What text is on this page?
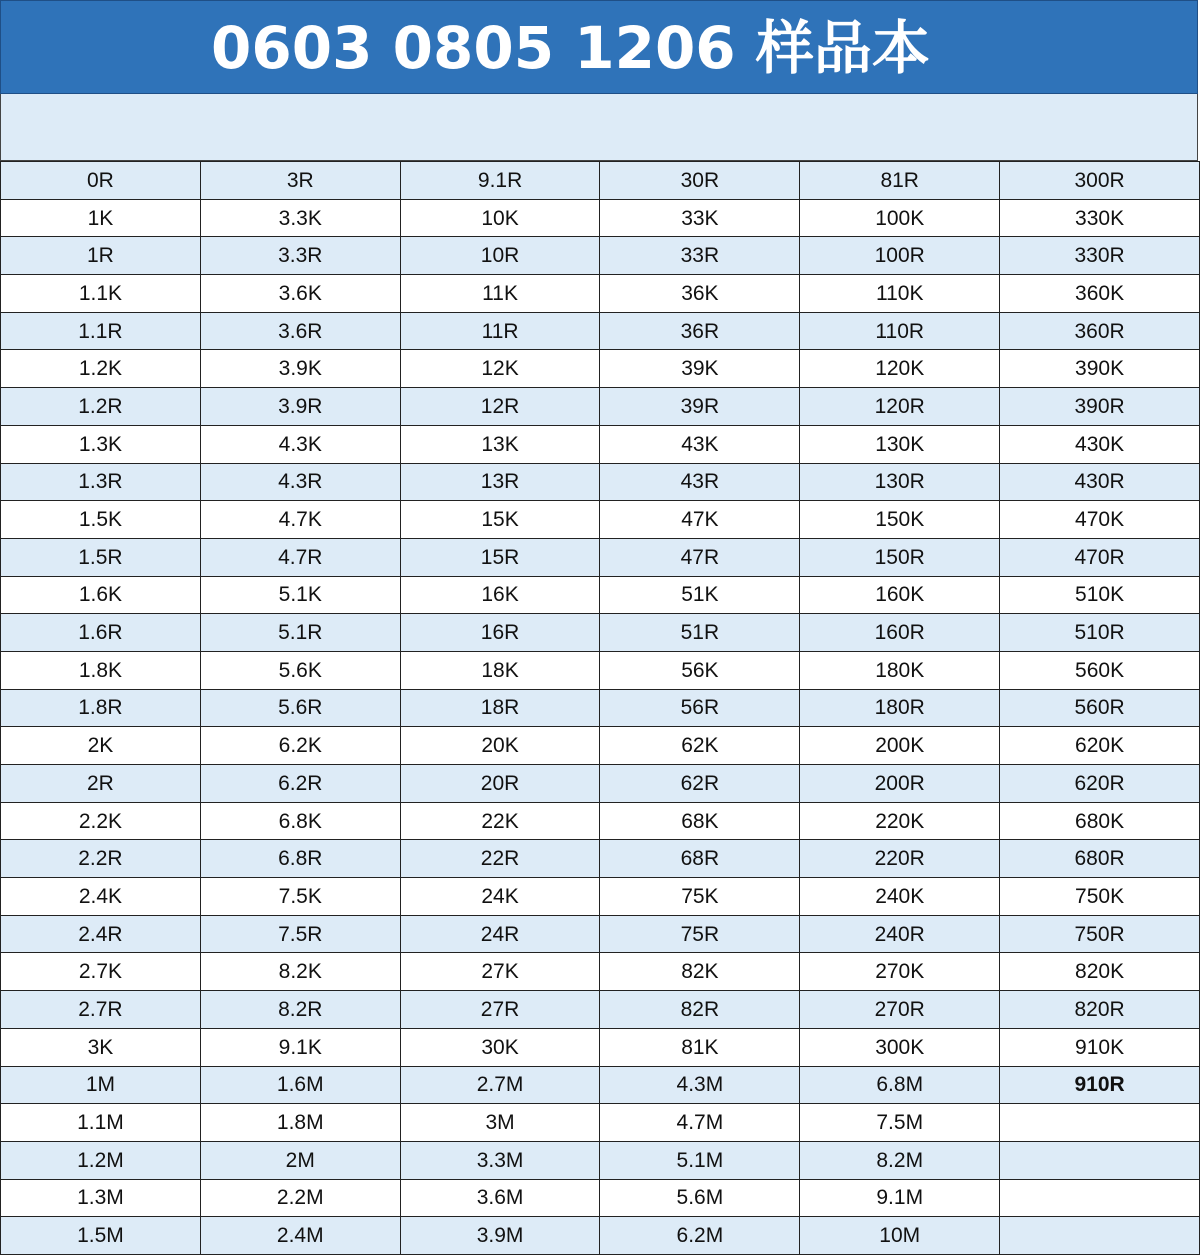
0603 0805 1206 样品本
0R	3R	9.1R	30R	81R	300R
1K	3.3K	10K	33K	100K	330K
1R	3.3R	10R	33R	100R	330R
1.1K	3.6K	11K	36K	110K	360K
1.1R	3.6R	11R	36R	110R	360R
1.2K	3.9K	12K	39K	120K	390K
1.2R	3.9R	12R	39R	120R	390R
1.3K	4.3K	13K	43K	130K	430K
1.3R	4.3R	13R	43R	130R	430R
1.5K	4.7K	15K	47K	150K	470K
1.5R	4.7R	15R	47R	150R	470R
1.6K	5.1K	16K	51K	160K	510K
1.6R	5.1R	16R	51R	160R	510R
1.8K	5.6K	18K	56K	180K	560K
1.8R	5.6R	18R	56R	180R	560R
2K	6.2K	20K	62K	200K	620K
2R	6.2R	20R	62R	200R	620R
2.2K	6.8K	22K	68K	220K	680K
2.2R	6.8R	22R	68R	220R	680R
2.4K	7.5K	24K	75K	240K	750K
2.4R	7.5R	24R	75R	240R	750R
2.7K	8.2K	27K	82K	270K	820K
2.7R	8.2R	27R	82R	270R	820R
3K	9.1K	30K	81K	300K	910K
1M	1.6M	2.7M	4.3M	6.8M	910R
1.1M	1.8M	3M	4.7M	7.5M	
1.2M	2M	3.3M	5.1M	8.2M	
1.3M	2.2M	3.6M	5.6M	9.1M	
1.5M	2.4M	3.9M	6.2M	10M	
